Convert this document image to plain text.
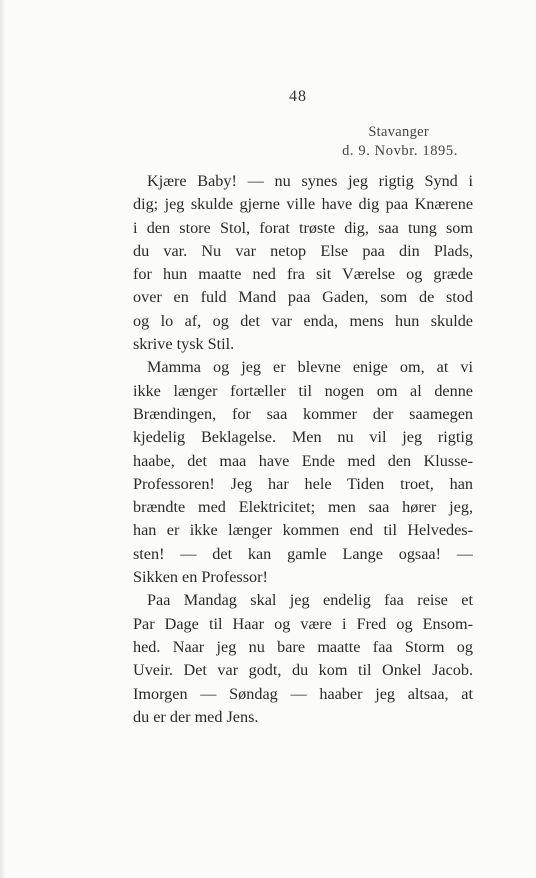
48
Stavanger
d. 9. Novbr. 1895.
Kjære Baby! — nu synes jeg rigtig Synd i
dig; jeg skulde gjerne ville have dig paa Knærene
i den store Stol, forat trøste dig, saa tung som
du var. Nu var netop Else paa din Plads,
for hun maatte ned fra sit Værelse og græde
over en fuld Mand paa Gaden, som de stod
og lo af, og det var enda, mens hun skulde
skrive tysk Stil.
Mamma og jeg er blevne enige om, at vi
ikke længer fortæller til nogen om al denne
Brændingen, for saa kommer der saamegen
kjedelig Beklagelse. Men nu vil jeg rigtig
haabe, det maa have Ende med den Klusse-
Professoren! Jeg har hele Tiden troet, han
brændte med Elektricitet; men saa hører jeg,
han er ikke længer kommen end til Helvedes-
sten! — det kan gamle Lange ogsaa! —
Sikken en Professor!
Paa Mandag skal jeg endelig faa reise et
Par Dage til Haar og være i Fred og Ensom-
hed. Naar jeg nu bare maatte faa Storm og
Uveir. Det var godt, du kom til Onkel Jacob.
Imorgen — Søndag — haaber jeg altsaa, at
du er der med Jens.
